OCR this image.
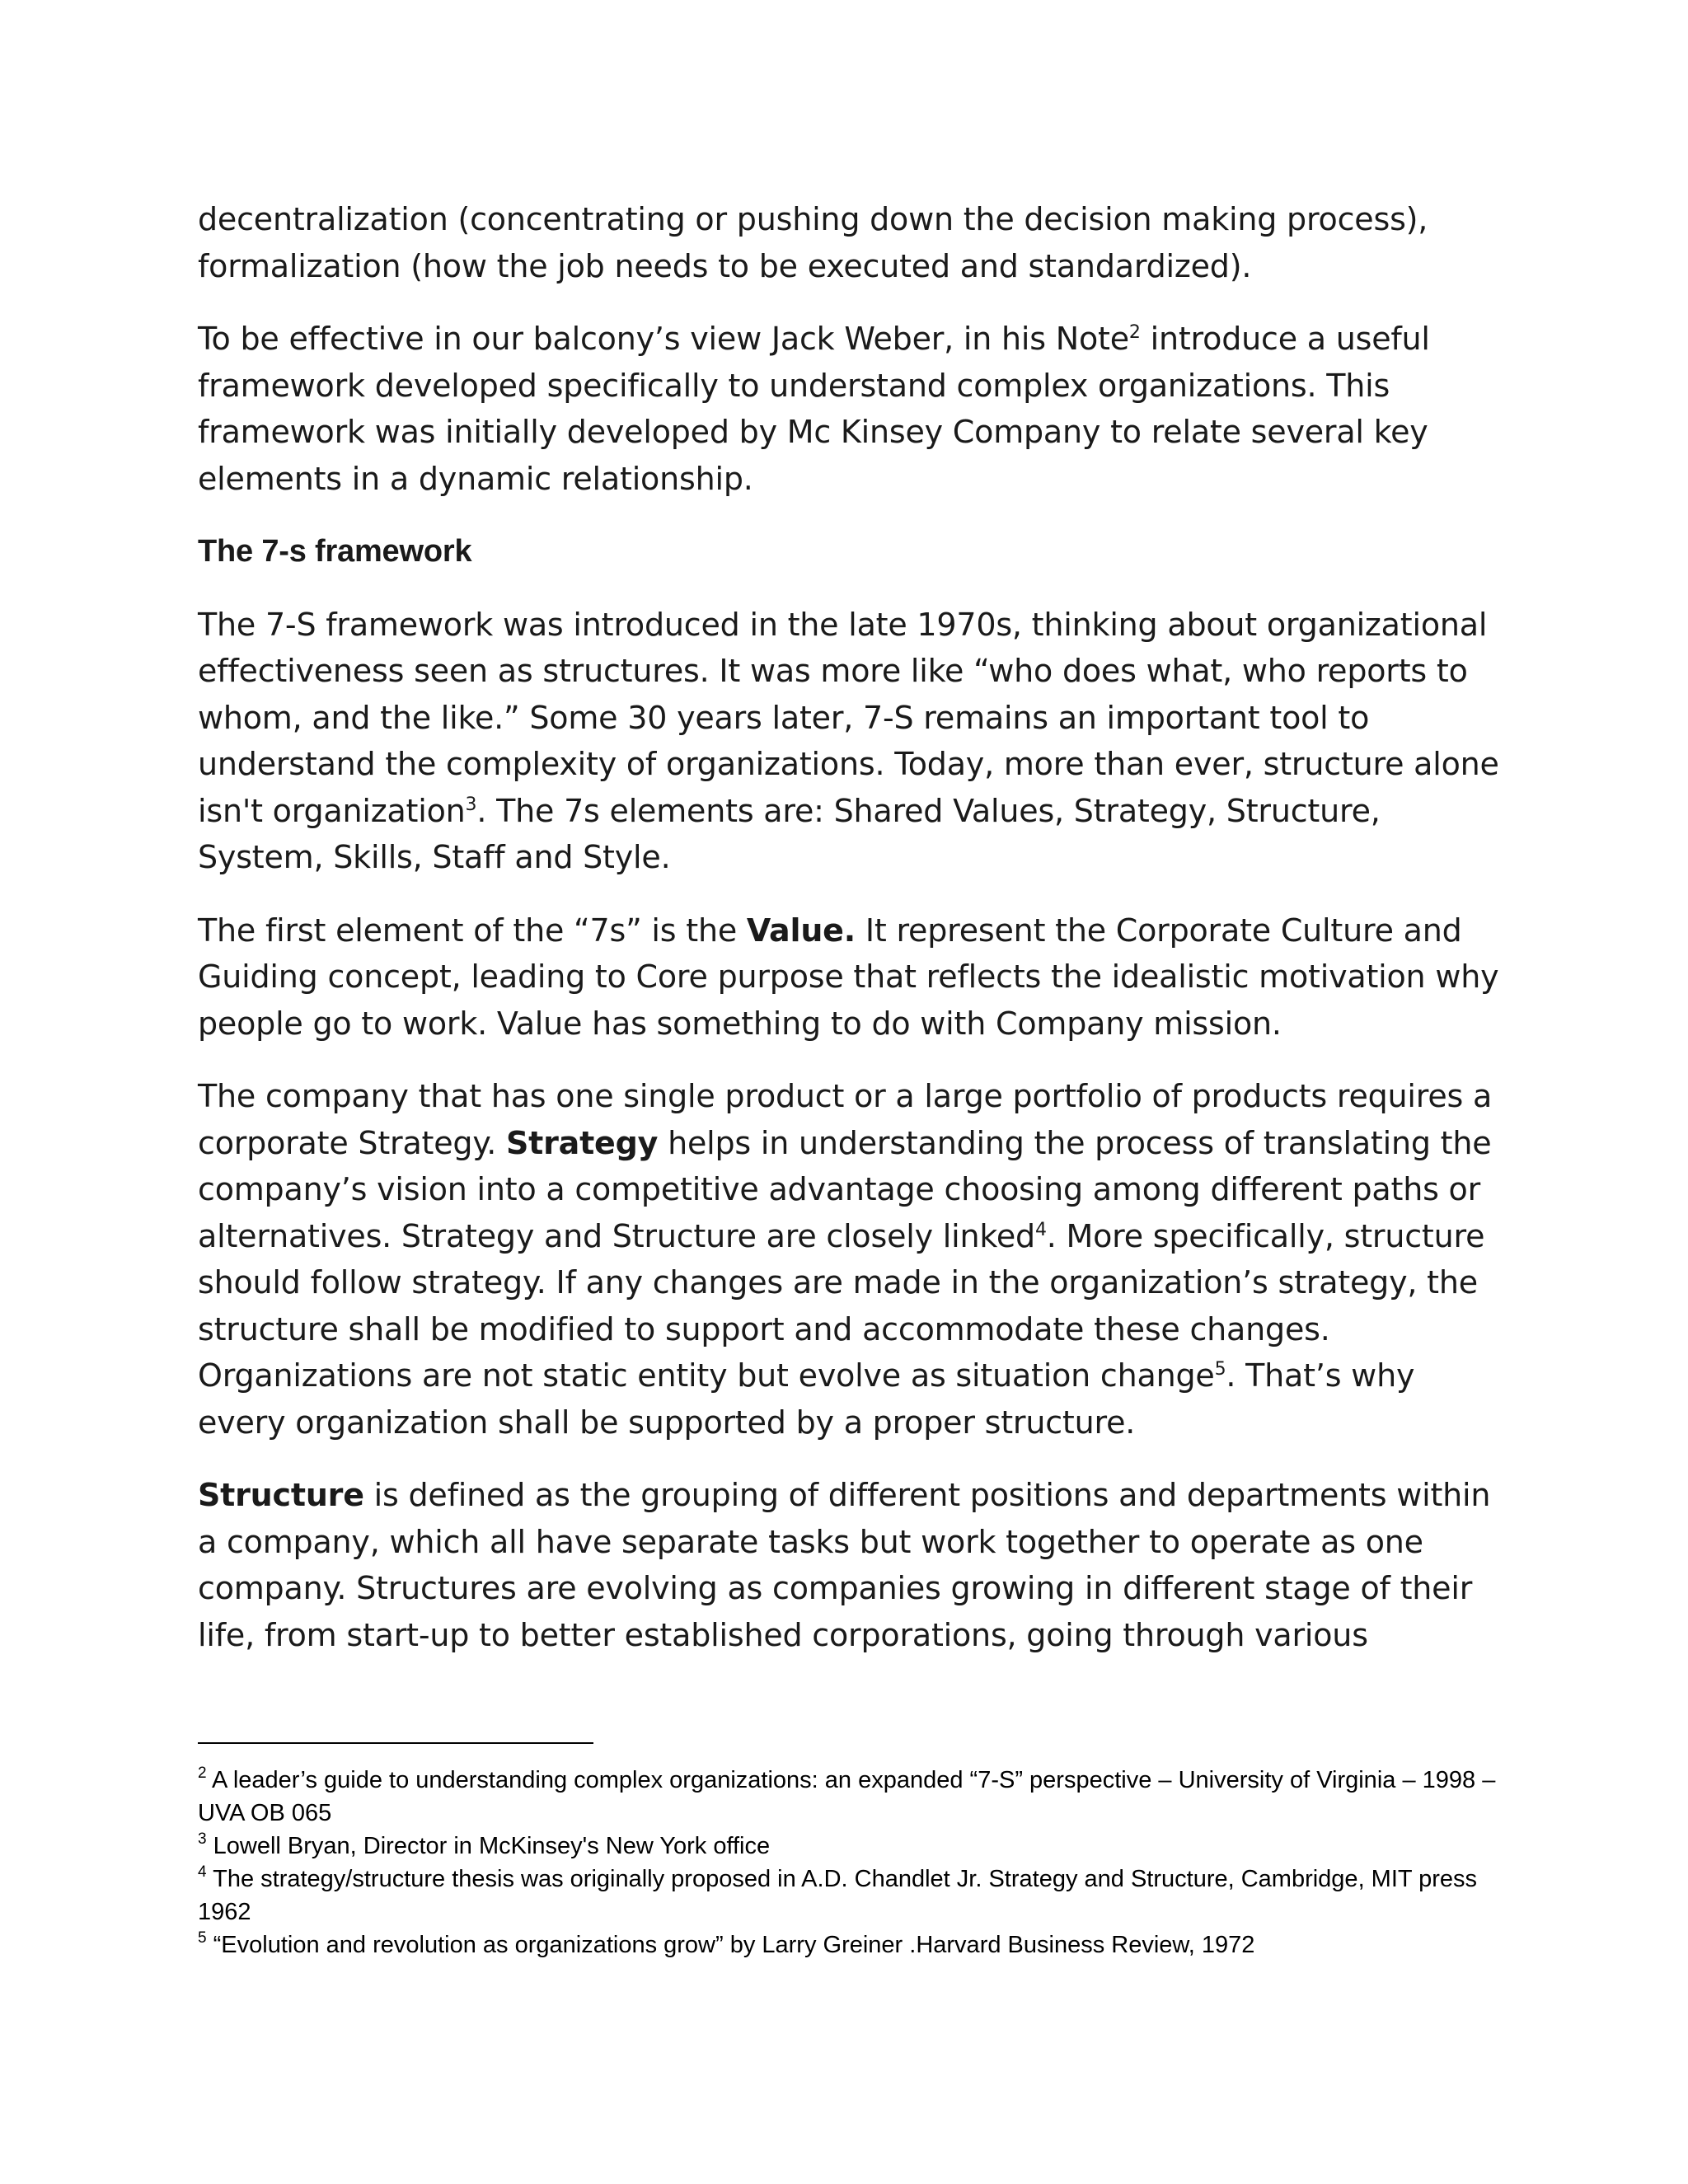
decentralization (concentrating or pushing down the decision making process), formalization (how the job needs to be executed and standardized).

To be effective in our balcony’s view Jack Weber, in his Note$^2$ introduce a useful framework developed specifically to understand complex organizations. This framework was initially developed by Mc Kinsey Company to relate several key elements in a dynamic relationship.

The 7-s framework

The 7-S framework was introduced in the late 1970s, thinking about organizational effectiveness seen as structures. It was more like “who does what, who reports to whom, and the like.” Some 30 years later, 7-S remains an important tool to understand the complexity of organizations. Today, more than ever, structure alone isn't organization$^3$. The 7s elements are: Shared Values, Strategy, Structure, System, Skills, Staff and Style.

The first element of the “7s” is the Value. It represent the Corporate Culture and Guiding concept, leading to Core purpose that reflects the idealistic motivation why people go to work. Value has something to do with Company mission.

The company that has one single product or a large portfolio of products requires a corporate Strategy. Strategy helps in understanding the process of translating the company’s vision into a competitive advantage choosing among different paths or alternatives. Strategy and Structure are closely linked$^4$. More specifically, structure should follow strategy. If any changes are made in the organization’s strategy, the structure shall be modified to support and accommodate these changes. Organizations are not static entity but evolve as situation change$^5$. That’s why every organization shall be supported by a proper structure.

Structure is defined as the grouping of different positions and departments within a company, which all have separate tasks but work together to operate as one company. Structures are evolving as companies growing in different stage of their life, from start-up to better established corporations, going through various

$^2$ A leader’s guide to understanding complex organizations: an expanded “7-S” perspective – University of Virginia – 1998 – UVA OB 065

$^3$ Lowell Bryan, Director in McKinsey's New York office

$^4$ The strategy/structure thesis was originally proposed in A.D. Chandlet Jr. Strategy and Structure, Cambridge, MIT press 1962

$^5$ “Evolution and revolution as organizations grow” by Larry Greiner .Harvard Business Review, 1972
